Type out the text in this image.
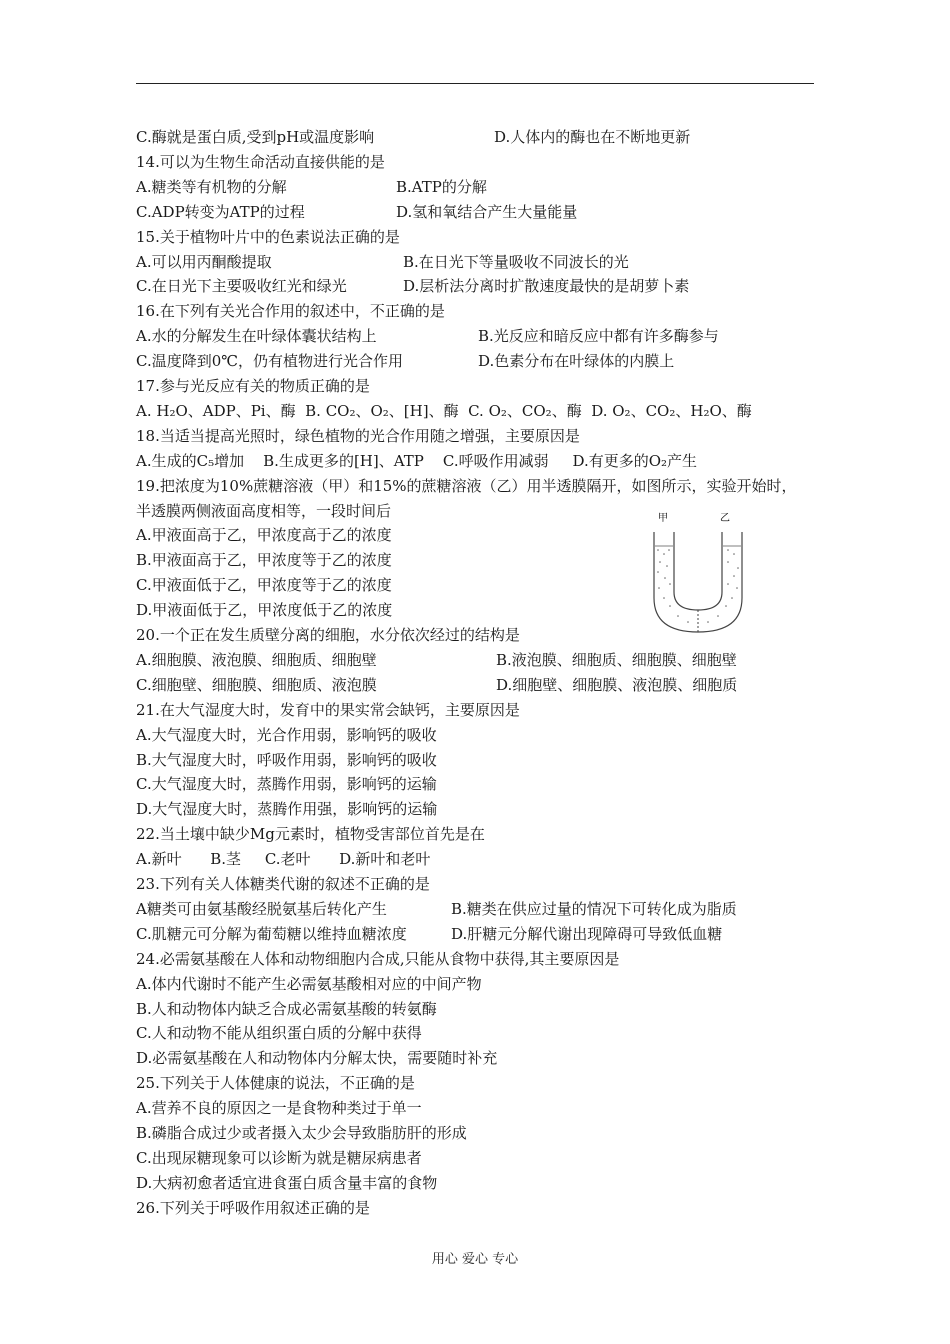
C.酶就是蛋白质,受到pH或温度影响	D.人体内的酶也在不断地更新
14.可以为生物生命活动直接供能的是
A.糖类等有机物的分解	B.ATP的分解
C.ADP转变为ATP的过程	D.氢和氧结合产生大量能量
15.关于植物叶片中的色素说法正确的是
A.可以用丙酮酸提取	B.在日光下等量吸收不同波长的光
C.在日光下主要吸收红光和绿光	D.层析法分离时扩散速度最快的是胡萝卜素
16.在下列有关光合作用的叙述中，不正确的是
A.水的分解发生在叶绿体囊状结构上	B.光反应和暗反应中都有许多酶参与
C.温度降到0℃，仍有植物进行光合作用	D.色素分布在叶绿体的内膜上
17.参与光反应有关的物质正确的是
A. H₂O、ADP、Pi、酶  B. CO₂、O₂、[H]、酶  C. O₂、CO₂、酶  D. O₂、CO₂、H₂O、酶
18.当适当提高光照时，绿色植物的光合作用随之增强，主要原因是
A.生成的C₅增加    B.生成更多的[H]、ATP    C.呼吸作用减弱     D.有更多的O₂产生
19.把浓度为10%蔗糖溶液（甲）和15%的蔗糖溶液（乙）用半透膜隔开，如图所示，实验开始时，
半透膜两侧液面高度相等，一段时间后
A.甲液面高于乙，甲浓度高于乙的浓度
B.甲液面高于乙，甲浓度等于乙的浓度
C.甲液面低于乙，甲浓度等于乙的浓度
D.甲液面低于乙，甲浓度低于乙的浓度
20.一个正在发生质壁分离的细胞，水分依次经过的结构是
A.细胞膜、液泡膜、细胞质、细胞壁	B.液泡膜、细胞质、细胞膜、细胞壁
C.细胞壁、细胞膜、细胞质、液泡膜	D.细胞壁、细胞膜、液泡膜、细胞质
21.在大气湿度大时，发育中的果实常会缺钙，主要原因是
A.大气湿度大时，光合作用弱，影响钙的吸收
B.大气湿度大时，呼吸作用弱，影响钙的吸收
C.大气湿度大时，蒸腾作用弱，影响钙的运输
D.大气湿度大时，蒸腾作用强，影响钙的运输
22.当土壤中缺少Mg元素时，植物受害部位首先是在
A.新叶      B.茎     C.老叶      D.新叶和老叶
23.下列有关人体糖类代谢的叙述不正确的是
A糖类可由氨基酸经脱氨基后转化产生	B.糖类在供应过量的情况下可转化成为脂质
C.肌糖元可分解为葡萄糖以维持血糖浓度	D.肝糖元分解代谢出现障碍可导致低血糖
24.必需氨基酸在人体和动物细胞内合成,只能从食物中获得,其主要原因是
A.体内代谢时不能产生必需氨基酸相对应的中间产物
B.人和动物体内缺乏合成必需氨基酸的转氨酶
C.人和动物不能从组织蛋白质的分解中获得
D.必需氨基酸在人和动物体内分解太快，需要随时补充
25.下列关于人体健康的说法，不正确的是
A.营养不良的原因之一是食物种类过于单一
B.磷脂合成过少或者摄入太少会导致脂肪肝的形成
C.出现尿糖现象可以诊断为就是糖尿病患者
D.大病初愈者适宜进食蛋白质含量丰富的食物
26.下列关于呼吸作用叙述正确的是
甲	乙
用心 爱心 专心
